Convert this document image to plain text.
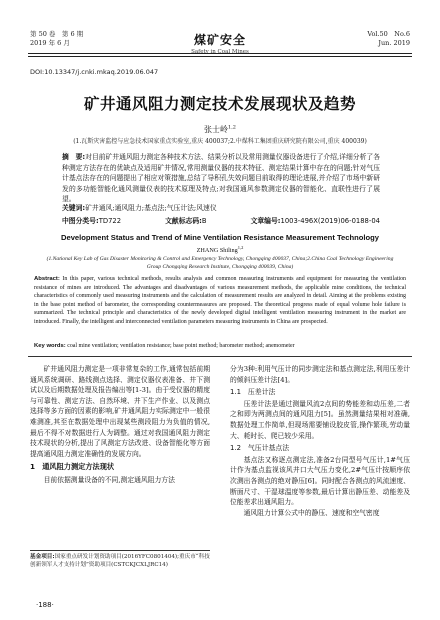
第 50 卷　第 6 期
2019 年 6 月	煤矿安全
Safety in Coal Mines
Vol.50　No.6
Jun. 2019
DOI:10.13347/j.cnki.mkaq.2019.06.047
矿井通风阻力测定技术发展现状及趋势
张士岭$^{1,2}$
(1.瓦斯灾害监控与应急技术国家重点实验室,重庆 400037;2.中煤科工集团重庆研究院有限公司,重庆 400039)
摘　要:对目前矿井通风阻力测定各种技术方法、结果分析以及常用测量仪器设备进行了介绍,详细分析了各种测定方法存在的优缺点及适用矿井情况,常用测量仪器的技术特征、测定结果计算中存在的问题;针对气压计基点法存在的问题提出了相应对策措施,总结了导积孔失效问题目前取得的理论进展,并介绍了市场中新研发的多功能智能化通风测量仪表的技术原理及特点;对我国通风参数测定仪器的智能化、直联性进行了展望。
关键词:矿井通风;通风阻力;基点法;气压计法;风速仪
中图分类号:TD722	文献标志码:B	文章编号:1003-496X(2019)06-0188-04
Development Status and Trend of Mine Ventilation Resistance Measurement Technology
ZHANG Shiling$^{1,2}$
(1.National Key Lab of Gas Disaster Monitoring & Control and Emergency Technology, Chongqing 400037, China;2.China Coal Technology Engineering Group Chongqing Research Institute, Chongqing 400039, China)
Abstract: In this paper, various technical methods, results analysis and common measuring instruments and equipment for measuring the ventilation resistance of mines are introduced. The advantages and disadvantages of various measurement methods, the applicable mine conditions, the technical characteristics of commonly used measuring instruments and the calculation of measurement results are analyzed in detail. Aiming at the problems existing in the base point method of barometer, the corresponding countermeasures are proposed. The theoretical progress made of equal volume hole failure is summarized. The technical principle and characteristics of the newly developed digital intelligent ventilation measuring instrument in the market are introduced. Finally, the intelligent and interconnected ventilation parameters measuring instruments in China are prospected.
Key words: coal mine ventilation; ventilation resistance; base point method; barometer method; anemometer

矿井通风阻力测定是一项非常复杂的工作,通常包括前期通风系统调研、路线测点选择、测定仪器仪表准备、井下测试以及后期数据处理及报告编出等[1-3]。由于受仪器的精度与可靠性、测定方法、自然环境、井下生产作业、以及测点选择等多方面的因素的影响,矿井通风阻力实际测定中一般很难测准,其至在数据处理中出现某些测段阻力为负值的情况,最后不得不对数据进行人为调整。通过对我国通风阻力测定技术现状的分析,提出了风测定方法改进、设备智能化等方面提高通风阻力测定准确性的发展方向。

1　通风阻力测定方法现状

目前依据测量设备的不同,测定通风阻力方法

分为3种:利用气压计的同步测定法和基点测定法,利用压差计的倾斜压差计法[4]。

1.1　压差计法

压差计法是通过测量风流2点间的势能差和动压差,二者之和即为两测点间的通风阻力[5]。虽然测量结果相对准确,数据处理工作简单,但现场需要铺设胶皮管,操作繁琐,劳动量大、耗时长、爬已较少采用。

1.2　气压计基点法

基点法又称逐点测定法,准备2台同型号气压计,1#气压计作为基点监视该风井口大气压力变化,2#气压计按顺序依次测出各测点的绝对静压[6]。同时配合各测点的风流速度、断面尺寸、干湿球温度等参数,最后计算出静压差、动能差及位能差求出通风阻力。

通风阻力计算公式中的静压、速度和空气密度

基金项目:国家重点研发计划资助项目(2016YFC0801404);重庆市“科技创新领军人才支持计划”资助项目(CSTCKJCXLJRC14)
·188·
